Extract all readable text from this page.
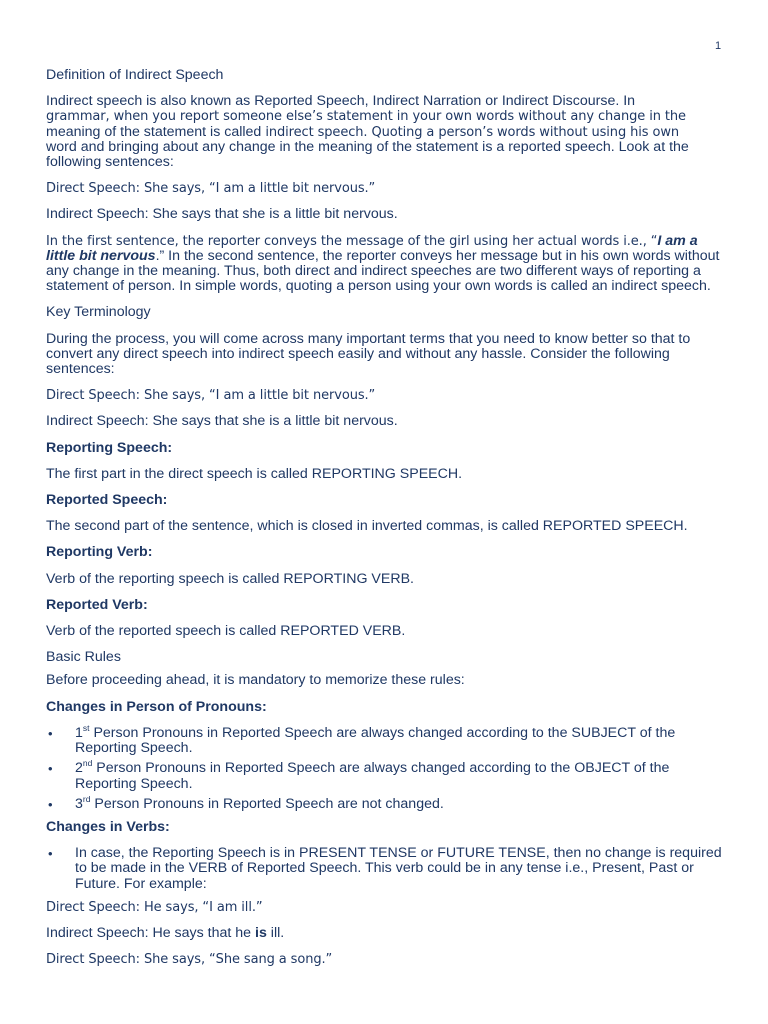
1

Definition of Indirect Speech

Indirect speech is also known as Reported Speech, Indirect Narration or Indirect Discourse. In

grammar, when you report someone else’s statement in your own words without any change in the

meaning of the statement is called indirect speech. Quoting a person’s words without using his own

word and bringing about any change in the meaning of the statement is a reported speech. Look at the following sentences:

Direct Speech: She says, “I am a little bit nervous.”

Indirect Speech: She says that she is a little bit nervous.

In the first sentence, the reporter conveys the message of the girl using her actual words i.e., “I am a little bit nervous.” In the second sentence, the reporter conveys her message but in his own words without any change in the meaning. Thus, both direct and indirect speeches are two different ways of reporting a statement of person. In simple words, quoting a person using your own words is called an indirect speech.

Key Terminology

During the process, you will come across many important terms that you need to know better so that to convert any direct speech into indirect speech easily and without any hassle. Consider the following sentences:

Direct Speech: She says, “I am a little bit nervous.”

Indirect Speech: She says that she is a little bit nervous.

Reporting Speech:

The first part in the direct speech is called REPORTING SPEECH.

Reported Speech:

The second part of the sentence, which is closed in inverted commas, is called REPORTED SPEECH.

Reporting Verb:

Verb of the reporting speech is called REPORTING VERB.

Reported Verb:

Verb of the reported speech is called REPORTED VERB.

Basic Rules

Before proceeding ahead, it is mandatory to memorize these rules:

Changes in Person of Pronouns:

• 1st Person Pronouns in Reported Speech are always changed according to the SUBJECT of the Reporting Speech.
• 2nd Person Pronouns in Reported Speech are always changed according to the OBJECT of the Reporting Speech.
• 3rd Person Pronouns in Reported Speech are not changed.

Changes in Verbs:

• In case, the Reporting Speech is in PRESENT TENSE or FUTURE TENSE, then no change is required to be made in the VERB of Reported Speech. This verb could be in any tense i.e., Present, Past or Future. For example:

Direct Speech: He says, “I am ill.”

Indirect Speech: He says that he is ill.

Direct Speech: She says, “She sang a song.”
